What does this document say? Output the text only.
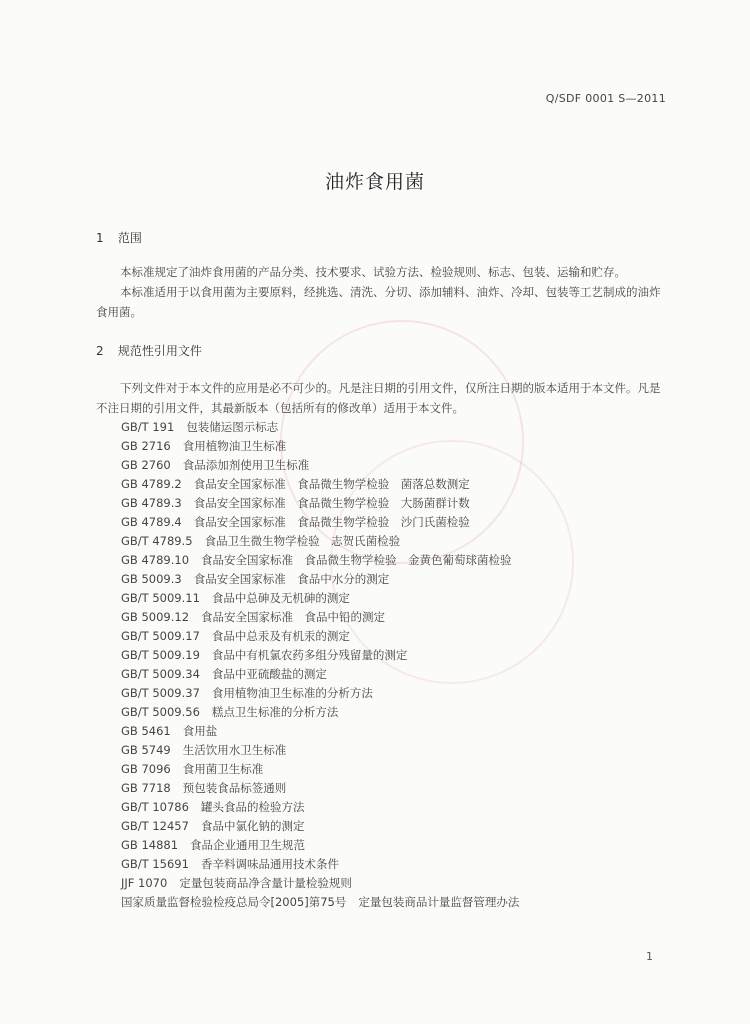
Q/SDF 0001 S—2011
油炸食用菌
1 范围
本标准规定了油炸食用菌的产品分类、技术要求、试验方法、检验规则、标志、包装、运输和贮存。
本标准适用于以食用菌为主要原料，经挑选、清洗、分切、添加辅料、油炸、冷却、包装等工艺制成的油炸食用菌。
2 规范性引用文件
下列文件对于本文件的应用是必不可少的。凡是注日期的引用文件，仅所注日期的版本适用于本文件。凡是不注日期的引用文件，其最新版本（包括所有的修改单）适用于本文件。
GB/T 191 包装储运图示标志
GB 2716 食用植物油卫生标准
GB 2760 食品添加剂使用卫生标准
GB 4789.2 食品安全国家标准　食品微生物学检验　菌落总数测定
GB 4789.3 食品安全国家标准　食品微生物学检验　大肠菌群计数
GB 4789.4 食品安全国家标准　食品微生物学检验　沙门氏菌检验
GB/T 4789.5 食品卫生微生物学检验　志贺氏菌检验
GB 4789.10 食品安全国家标准　食品微生物学检验　金黄色葡萄球菌检验
GB 5009.3 食品安全国家标准　食品中水分的测定
GB/T 5009.11 食品中总砷及无机砷的测定
GB 5009.12 食品安全国家标准　食品中铅的测定
GB/T 5009.17 食品中总汞及有机汞的测定
GB/T 5009.19 食品中有机氯农药多组分残留量的测定
GB/T 5009.34 食品中亚硫酸盐的测定
GB/T 5009.37 食用植物油卫生标准的分析方法
GB/T 5009.56 糕点卫生标准的分析方法
GB 5461 食用盐
GB 5749 生活饮用水卫生标准
GB 7096 食用菌卫生标准
GB 7718 预包装食品标签通则
GB/T 10786 罐头食品的检验方法
GB/T 12457 食品中氯化钠的测定
GB 14881 食品企业通用卫生规范
GB/T 15691 香辛料调味品通用技术条件
JJF 1070 定量包装商品净含量计量检验规则
国家质量监督检验检疫总局令[2005]第75号 定量包装商品计量监督管理办法
1
